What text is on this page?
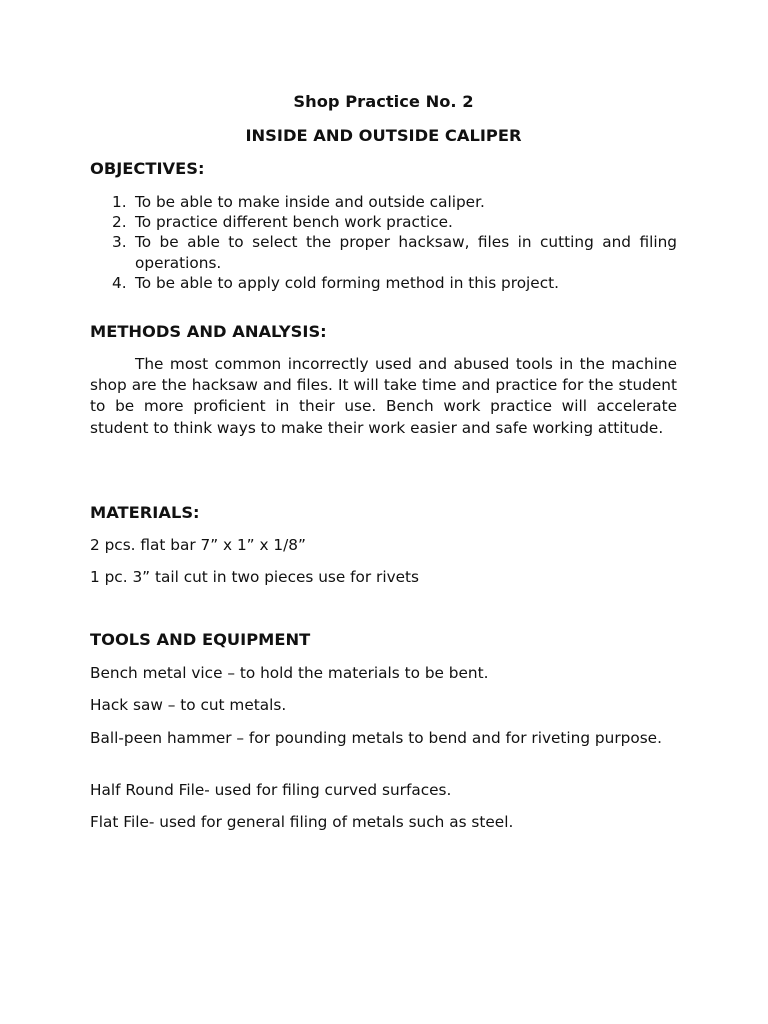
Shop Practice No. 2
INSIDE AND OUTSIDE CALIPER
OBJECTIVES:
1. To be able to make inside and outside caliper.
2. To practice different bench work practice.
3. To be able to select the proper hacksaw, files in cutting and filing operations.
4. To be able to apply cold forming method in this project.
METHODS AND ANALYSIS:
The most common incorrectly used and abused tools in the machine shop are the hacksaw and files. It will take time and practice for the student to be more proficient in their use. Bench work practice will accelerate student to think ways to make their work easier and safe working attitude.
MATERIALS:
2 pcs. flat bar 7” x 1” x 1/8”
1 pc. 3” tail cut in two pieces use for rivets
TOOLS AND EQUIPMENT
Bench metal vice – to hold the materials to be bent.
Hack saw – to cut metals.
Ball-peen hammer – for pounding metals to bend and for riveting purpose.
Half Round File- used for filing curved surfaces.
Flat File- used for general filing of metals such as steel.
